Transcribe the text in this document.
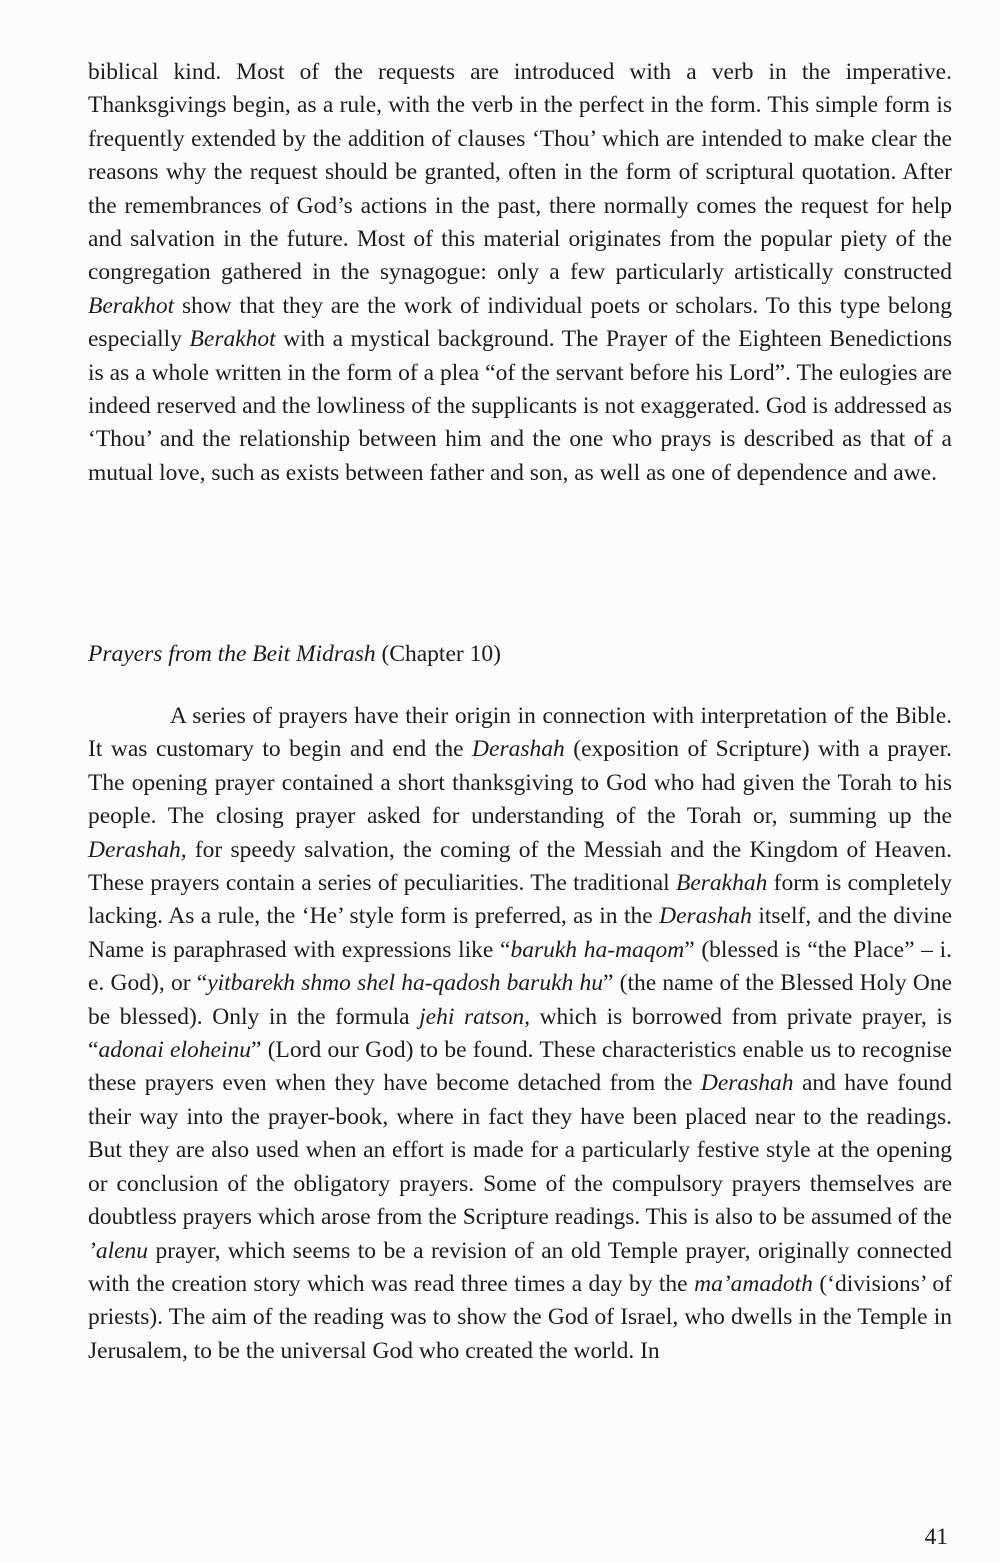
biblical kind. Most of the requests are introduced with a verb in the imperative. Thanksgivings begin, as a rule, with the verb in the perfect in the form. This simple form is frequently extended by the addition of clauses ‘Thou’ which are intended to make clear the reasons why the request should be granted, often in the form of scriptural quotation. After the remembrances of God’s actions in the past, there normally comes the request for help and salvation in the future. Most of this material originates from the popular piety of the congregation gathered in the synagogue: only a few particularly artistically constructed Berakhot show that they are the work of individual poets or scholars. To this type belong especially Berakhot with a mystical background. The Prayer of the Eighteen Benedictions is as a whole written in the form of a plea “of the servant before his Lord”. The eulogies are indeed reserved and the lowliness of the supplicants is not exaggerated. God is addressed as ‘Thou’ and the relationship between him and the one who prays is described as that of a mutual love, such as exists between father and son, as well as one of dependence and awe.

Prayers from the Beit Midrash (Chapter 10)

A series of prayers have their origin in connection with interpretation of the Bible. It was customary to begin and end the Derashah (exposition of Scripture) with a prayer. The opening prayer contained a short thanksgiving to God who had given the Torah to his people. The closing prayer asked for understanding of the Torah or, summing up the Derashah, for speedy salvation, the coming of the Messiah and the Kingdom of Heaven. These prayers contain a series of peculiarities. The traditional Berakhah form is completely lacking. As a rule, the ‘He’ style form is preferred, as in the Derashah itself, and the divine Name is paraphrased with expressions like “barukh ha-maqom” (blessed is “the Place” – i. e. God), or “yitbarekh shmo shel ha-qadosh barukh hu” (the name of the Blessed Holy One be blessed). Only in the formula jehi ratson, which is borrowed from private prayer, is “adonai eloheinu” (Lord our God) to be found. These characteristics enable us to recognise these prayers even when they have become detached from the Derashah and have found their way into the prayer-book, where in fact they have been placed near to the readings. But they are also used when an effort is made for a particularly festive style at the opening or conclusion of the obligatory prayers. Some of the compulsory prayers themselves are doubtless prayers which arose from the Scripture readings. This is also to be assumed of the ’alenu prayer, which seems to be a revision of an old Temple prayer, originally connected with the creation story which was read three times a day by the ma’amadoth (‘divisions’ of priests). The aim of the reading was to show the God of Israel, who dwells in the Temple in Jerusalem, to be the universal God who created the world. In

41
